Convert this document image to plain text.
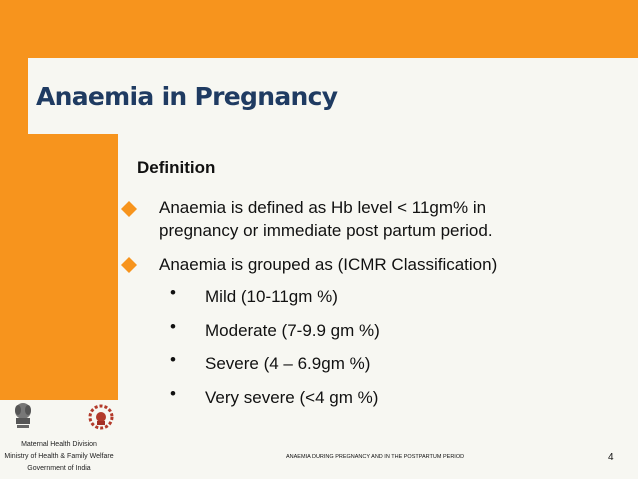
Anaemia in Pregnancy
Definition
Anaemia is defined as Hb level < 11gm% in
pregnancy or immediate post partum period.
Anaemia is grouped as (ICMR Classification)
• Mild (10-11gm %)
• Moderate (7-9.9 gm %)
• Severe (4 – 6.9gm %)
• Very severe (<4 gm %)
Maternal Health Division
Ministry of Health & Family Welfare
Government of India
ANAEMIA DURING PREGNANCY AND IN THE POSTPARTUM PERIOD	4
